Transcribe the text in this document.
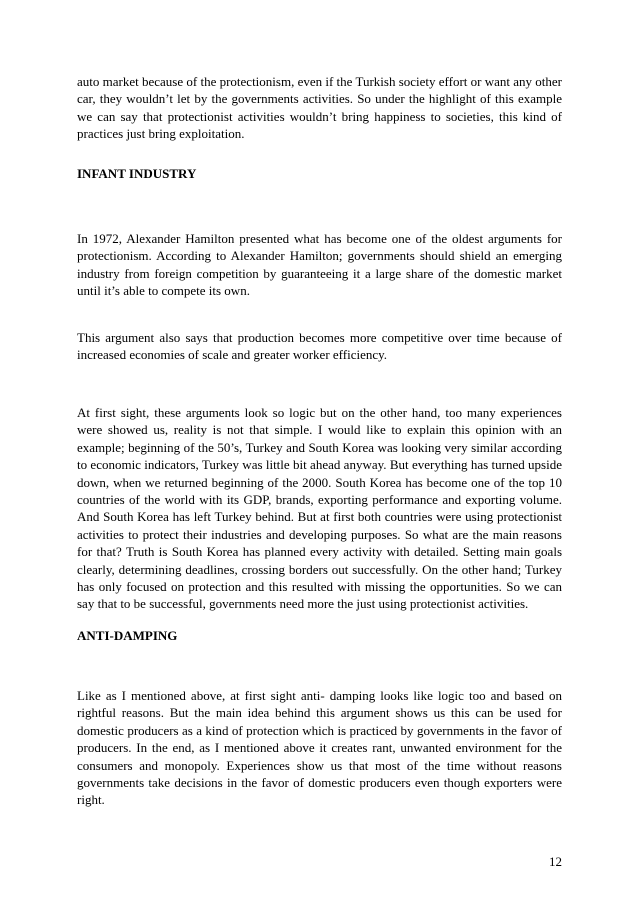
auto market because of the protectionism, even if the Turkish society effort or want any other car, they wouldn’t let by the governments activities. So under the highlight of this example we can say that protectionist activities wouldn’t bring happiness to societies, this kind of practices just bring exploitation.

INFANT INDUSTRY

In 1972, Alexander Hamilton presented what has become one of the oldest arguments for protectionism. According to Alexander Hamilton; governments should shield an emerging industry from foreign competition by guaranteeing it a large share of the domestic market until it’s able to compete its own.

This argument also says that production becomes more competitive over time because of increased economies of scale and greater worker efficiency.

At first sight, these arguments look so logic but on the other hand, too many experiences were showed us, reality is not that simple. I would like to explain this opinion with an example; beginning of the 50’s, Turkey and South Korea was looking very similar according to economic indicators, Turkey was little bit ahead anyway. But everything has turned upside down, when we returned beginning of the 2000. South Korea has become one of the top 10 countries of the world with its GDP, brands, exporting performance and exporting volume. And South Korea has left Turkey behind. But at first both countries were using protectionist activities to protect their industries and developing purposes. So what are the main reasons for that? Truth is South Korea has planned every activity with detailed. Setting main goals clearly, determining deadlines, crossing borders out successfully. On the other hand; Turkey has only focused on protection and this resulted with missing the opportunities. So we can say that to be successful, governments need more the just using protectionist activities.

ANTI-DAMPING

Like as I mentioned above, at first sight anti- damping looks like logic too and based on rightful reasons. But the main idea behind this argument shows us this can be used for domestic producers as a kind of protection which is practiced by governments in the favor of producers. In the end, as I mentioned above it creates rant, unwanted environment for the consumers and monopoly. Experiences show us that most of the time without reasons governments take decisions in the favor of domestic producers even though exporters were right.

12
